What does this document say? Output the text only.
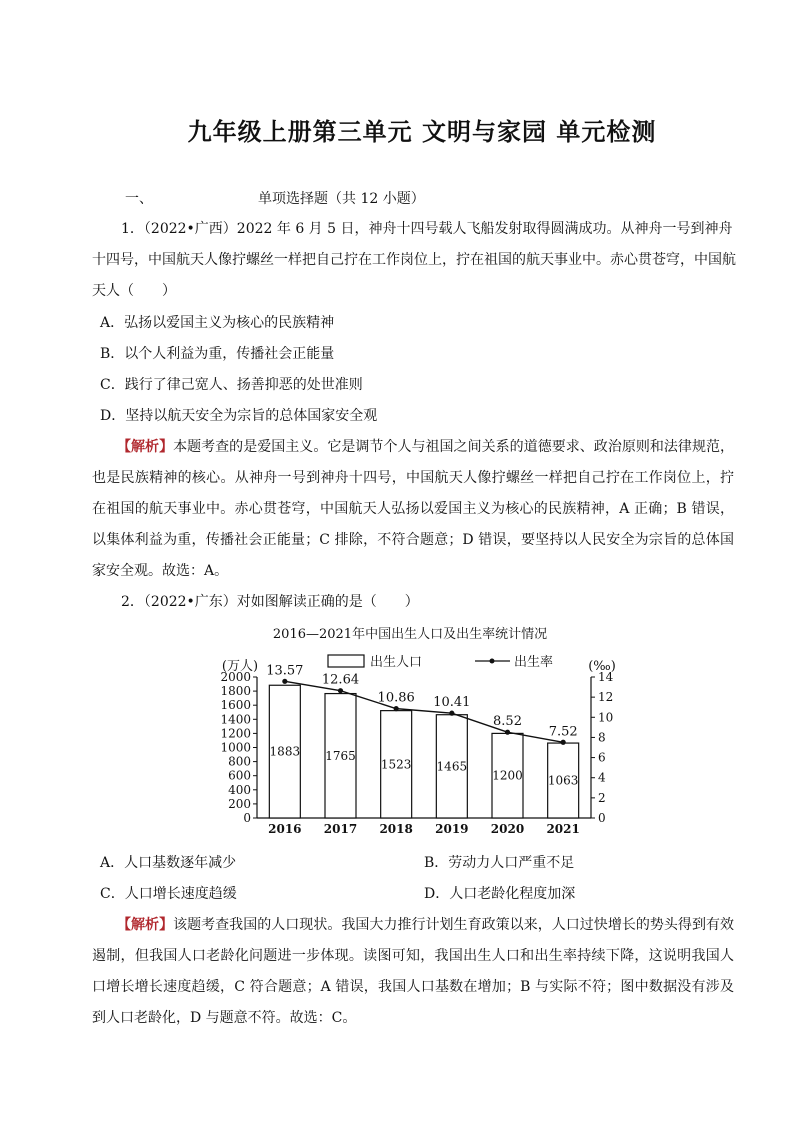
九年级上册第三单元 文明与家园 单元检测
一、	单项选择题（共 12 小题）
1．（2022•广西）2022 年 6 月 5 日，神舟十四号载人飞船发射取得圆满成功。从神舟一号到神舟
十四号，中国航天人像拧螺丝一样把自己拧在工作岗位上，拧在祖国的航天事业中。赤心贯苍穹，中国航
天人（　　）
A．弘扬以爱国主义为核心的民族精神
B．以个人利益为重，传播社会正能量
C．践行了律己宽人、扬善抑恶的处世准则
D．坚持以航天安全为宗旨的总体国家安全观
【解析】本题考查的是爱国主义。它是调节个人与祖国之间关系的道德要求、政治原则和法律规范，也是民族精神的核心。从神舟一号到神舟十四号，中国航天人像拧螺丝一样把自己拧在工作岗位上，拧在祖国的航天事业中。赤心贯苍穹，中国航天人弘扬以爱国主义为核心的民族精神，A 正确；B 错误，以集体利益为重，传播社会正能量；C 排除，不符合题意；D 错误，要坚持以人民安全为宗旨的总体国家安全观。故选：A。
2．（2022•广东）对如图解读正确的是（　　）
2016—2021年中国出生人口及出生率统计情况
(万人)	(‰)
出生人口	出生率
0
200
400
600
800
1000
1200
1400
1600
1800
2000
0
2
4
6
8
10
12
14
1883
2016
1765
2017
1523
2018
1465
2019
1200
2020
1063
2021
13.57
12.64
10.86 10.41
8.52
7.52
A．人口基数逐年减少	B．劳动力人口严重不足
C．人口增长速度趋缓	D．人口老龄化程度加深
【解析】该题考查我国的人口现状。我国大力推行计划生育政策以来，人口过快增长的势头得到有效遏制，但我国人口老龄化问题进一步体现。读图可知，我国出生人口和出生率持续下降，这说明我国人口增长增长速度趋缓，C 符合题意；A 错误，我国人口基数在增加；B 与实际不符；图中数据没有涉及到人口老龄化，D 与题意不符。故选：C。
